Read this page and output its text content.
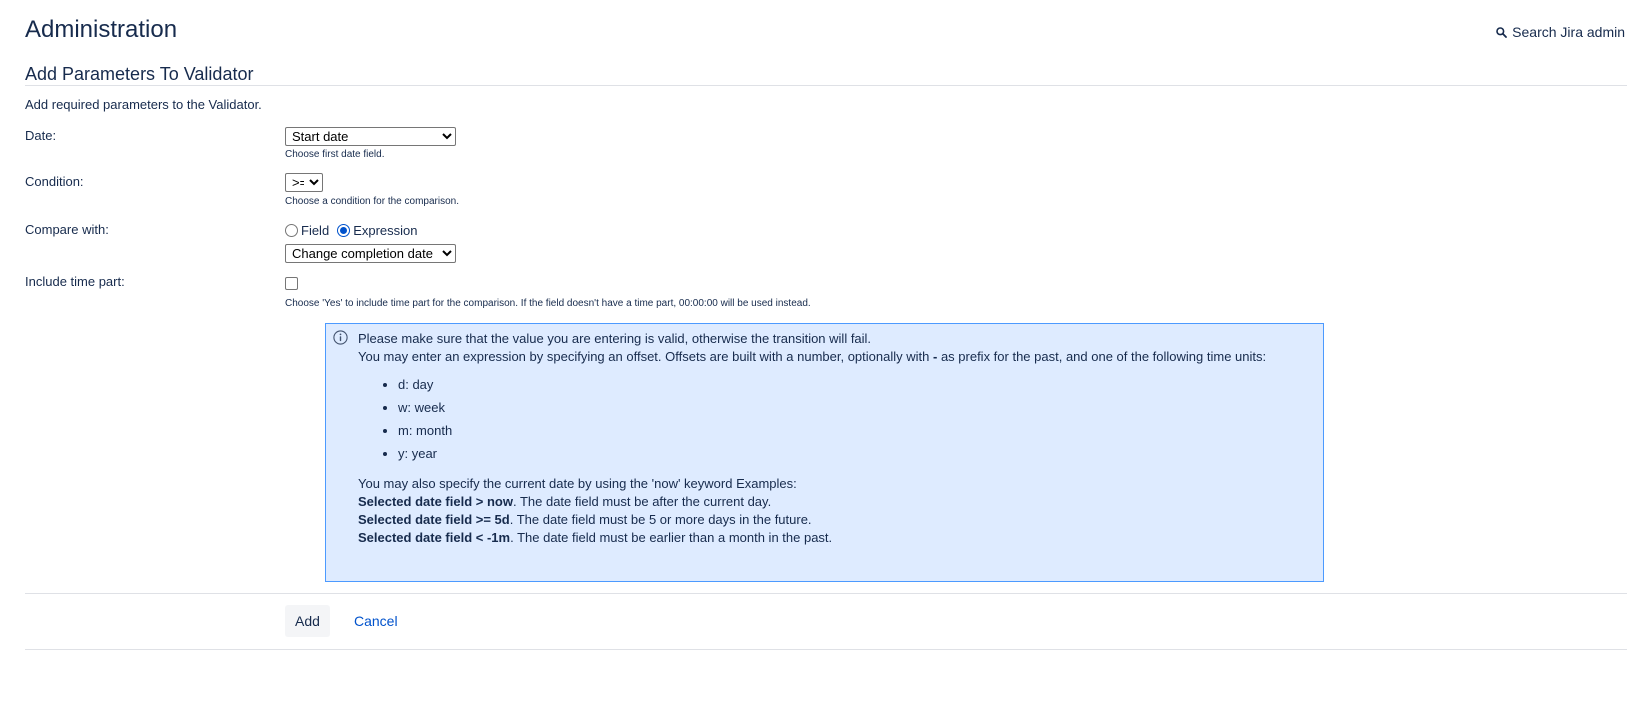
Administration	Search Jira admin
Add Parameters To Validator
Add required parameters to the Validator.
Date:
Start date
Choose first date field.
Condition:
>=
Choose a condition for the comparison.
Compare with:	Field Expression
Change completion date
Include time part:
Choose 'Yes' to include time part for the comparison. If the field doesn't have a time part, 00:00:00 will be used instead.

Please make sure that the value you are entering is valid, otherwise the transition will fail.

You may enter an expression by specifying an offset. Offsets are built with a number, optionally with - as prefix for the past, and one of the following time units:

• d: day
• w: week
• m: month
• y: year

You may also specify the current date by using the 'now' keyword Examples:

Selected date field > now. The date field must be after the current day.

Selected date field >= 5d. The date field must be 5 or more days in the future.

Selected date field < -1m. The date field must be earlier than a month in the past.

Add	Cancel
